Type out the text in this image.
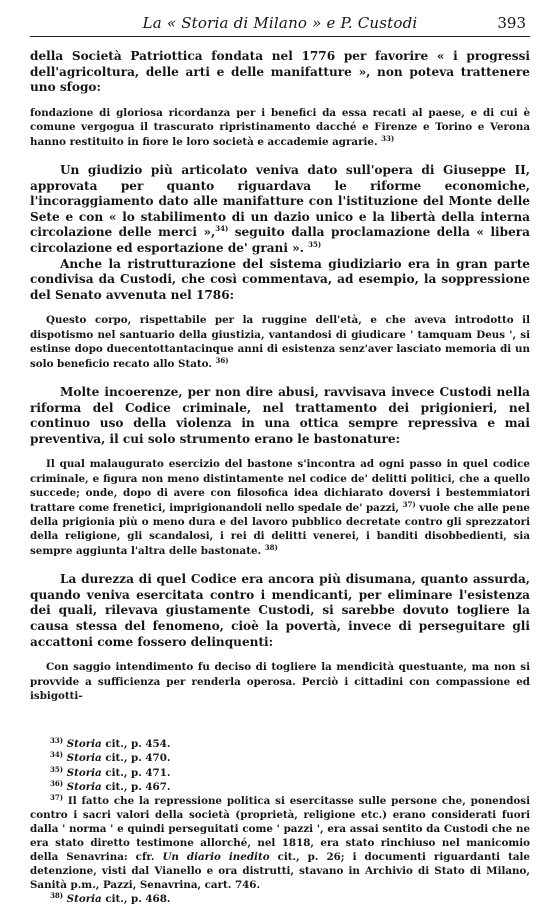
La « Storia di Milano » e P. Custodi	393

della Società Patriottica fondata nel 1776 per favorire « i progressi dell'agricoltura, delle arti e delle manifatture », non poteva trattenere uno sfogo:

fondazione di gloriosa ricordanza per i benefici da essa recati al paese, e di cui è comune vergogua il trascurato ripristinamento dacché e Firenze e Torino e Verona hanno restituito in fiore le loro società e accademie agrarie. $^{33)}$

Un giudizio più articolato veniva dato sull'opera di Giuseppe II, approvata per quanto riguardava le riforme economiche, l'incoraggiamento dato alle manifatture con l'istituzione del Monte delle Sete e con « lo stabilimento di un dazio unico e la libertà della interna circolazione delle merci »,$^{34)}$ seguito dalla proclamazione della « libera circolazione ed esportazione de' grani ». $^{35)}$

Anche la ristrutturazione del sistema giudiziario era in gran parte condivisa da Custodi, che così commentava, ad esempio, la soppressione del Senato avvenuta nel 1786:

Questo corpo, rispettabile per la ruggine dell'età, e che aveva introdotto il dispotismo nel santuario della giustizia, vantandosi di giudicare ' tamquam Deus ', si estinse dopo duecentottantacinque anni di esistenza senz'aver lasciato memoria di un solo beneficio recato allo Stato. $^{36)}$

Molte incoerenze, per non dire abusi, ravvisava invece Custodi nella riforma del Codice criminale, nel trattamento dei prigionieri, nel continuo uso della violenza in una ottica sempre repressiva e mai preventiva, il cui solo strumento erano le bastonature:

Il qual malaugurato esercizio del bastone s'incontra ad ogni passo in quel codice criminale, e figura non meno distintamente nel codice de' delitti politici, che a quello succede; onde, dopo di avere con filosofica idea dichiarato doversi i bestemmiatori trattare come frenetici, imprigionandoli nello spedale de' pazzi, $^{37)}$ vuole che alle pene della prigionia più o meno dura e del lavoro pubblico decretate contro gli sprezzatori della religione, gli scandalosi, i rei di delitti venerei, i banditi disobbedienti, sia sempre aggiunta l'altra delle bastonate. $^{38)}$

La durezza di quel Codice era ancora più disumana, quanto assurda, quando veniva esercitata contro i mendicanti, per eliminare l'esistenza dei quali, rilevava giustamente Custodi, si sarebbe dovuto togliere la causa stessa del fenomeno, cioè la povertà, invece di perseguitare gli accattoni come fossero delinquenti:

Con saggio intendimento fu deciso di togliere la mendicità questuante, ma non si provvide a sufficienza per renderla operosa. Perciò i cittadini con compassione ed isbigotti-

$^{33)}$ Storia cit., p. 454.

$^{34)}$ Storia cit., p. 470.

$^{35)}$ Storia cit., p. 471.

$^{36)}$ Storia cit., p. 467.

$^{37)}$ Il fatto che la repressione politica si esercitasse sulle persone che, ponendosi contro i sacri valori della società (proprietà, religione etc.) erano considerati fuori dalla ' norma ' e quindi perseguitati come ' pazzi ', era assai sentito da Custodi che ne era stato diretto testimone allorché, nel 1818, era stato rinchiuso nel manicomio della Senavrina: cfr. Un diario inedito cit., p. 26; i documenti riguardanti tale detenzione, visti dal Vianello e ora distrutti, stavano in Archivio di Stato di Milano, Sanità p.m., Pazzi, Senavrina, cart. 746.

$^{38)}$ Storia cit., p. 468.
